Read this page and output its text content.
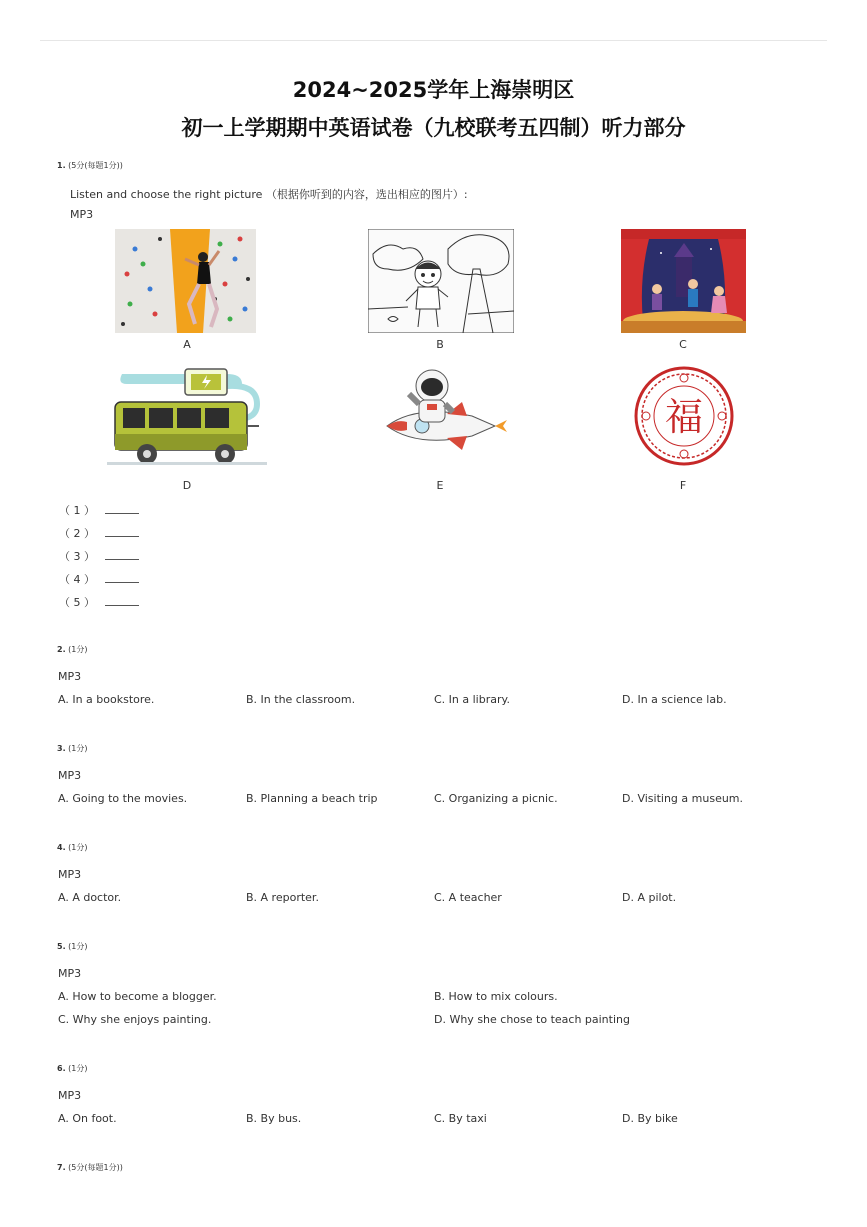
2024~2025学年上海崇明区
初一上学期期中英语试卷（九校联考五四制）听力部分
1. (5分(每题1分))
Listen and choose the right picture （根据你听到的内容，选出相应的图片）:
MP3
A	B	C
D	E
福
F
（ 1 ）
（ 2 ）
（ 3 ）
（ 4 ）
（ 5 ）
2. (1分)
MP3
A. In a bookstore.	B. In the classroom.	C. In a library.	D. In a science lab.
3. (1分)
MP3
A. Going to the movies.	B. Planning a beach trip	C. Organizing a picnic.	D. Visiting a museum.
4. (1分)
MP3
A. A doctor.	B. A reporter.	C. A teacher	D. A pilot.
5. (1分)
MP3
A. How to become a blogger.	B. How to mix colours.
C. Why she enjoys painting.	D. Why she chose to teach painting
6. (1分)
MP3
A. On foot.	B. By bus.	C. By taxi	D. By bike
7. (5分(每题1分))
